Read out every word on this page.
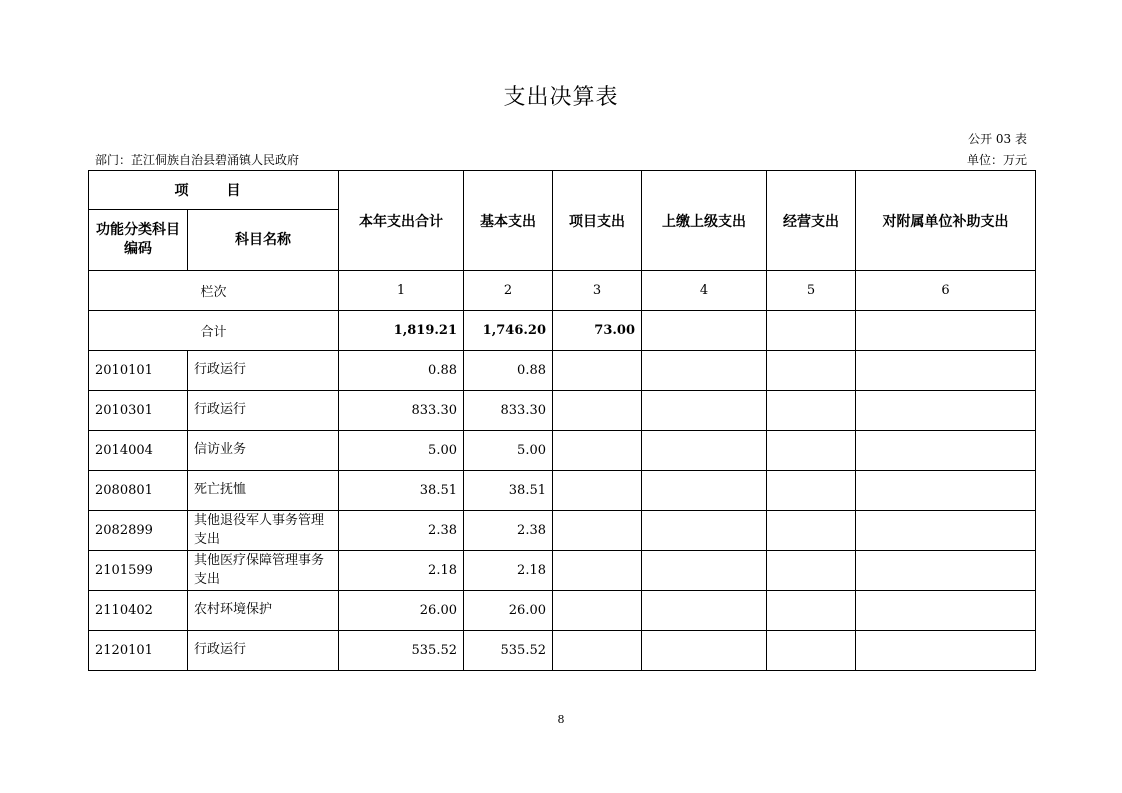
支出决算表
公开 03 表
部门：芷江侗族自治县碧涌镇人民政府	单位：万元
项　目		本年支出合计	基本支出	项目支出	上缴上级支出	经营支出	对附属单位补助支出
功能分类科目编码	科目名称						
栏次		1	2	3	4	5	6
合计		1,819.21	1,746.20	73.00			
2010101	行政运行	0.88	0.88				
2010301	行政运行	833.30	833.30				
2014004	信访业务	5.00	5.00				
2080801	死亡抚恤	38.51	38.51				
2082899	其他退役军人事务管理支出	2.38	2.38				
2101599	其他医疗保障管理事务支出	2.18	2.18				
2110402	农村环境保护	26.00	26.00				
2120101	行政运行	535.52	535.52				
8
